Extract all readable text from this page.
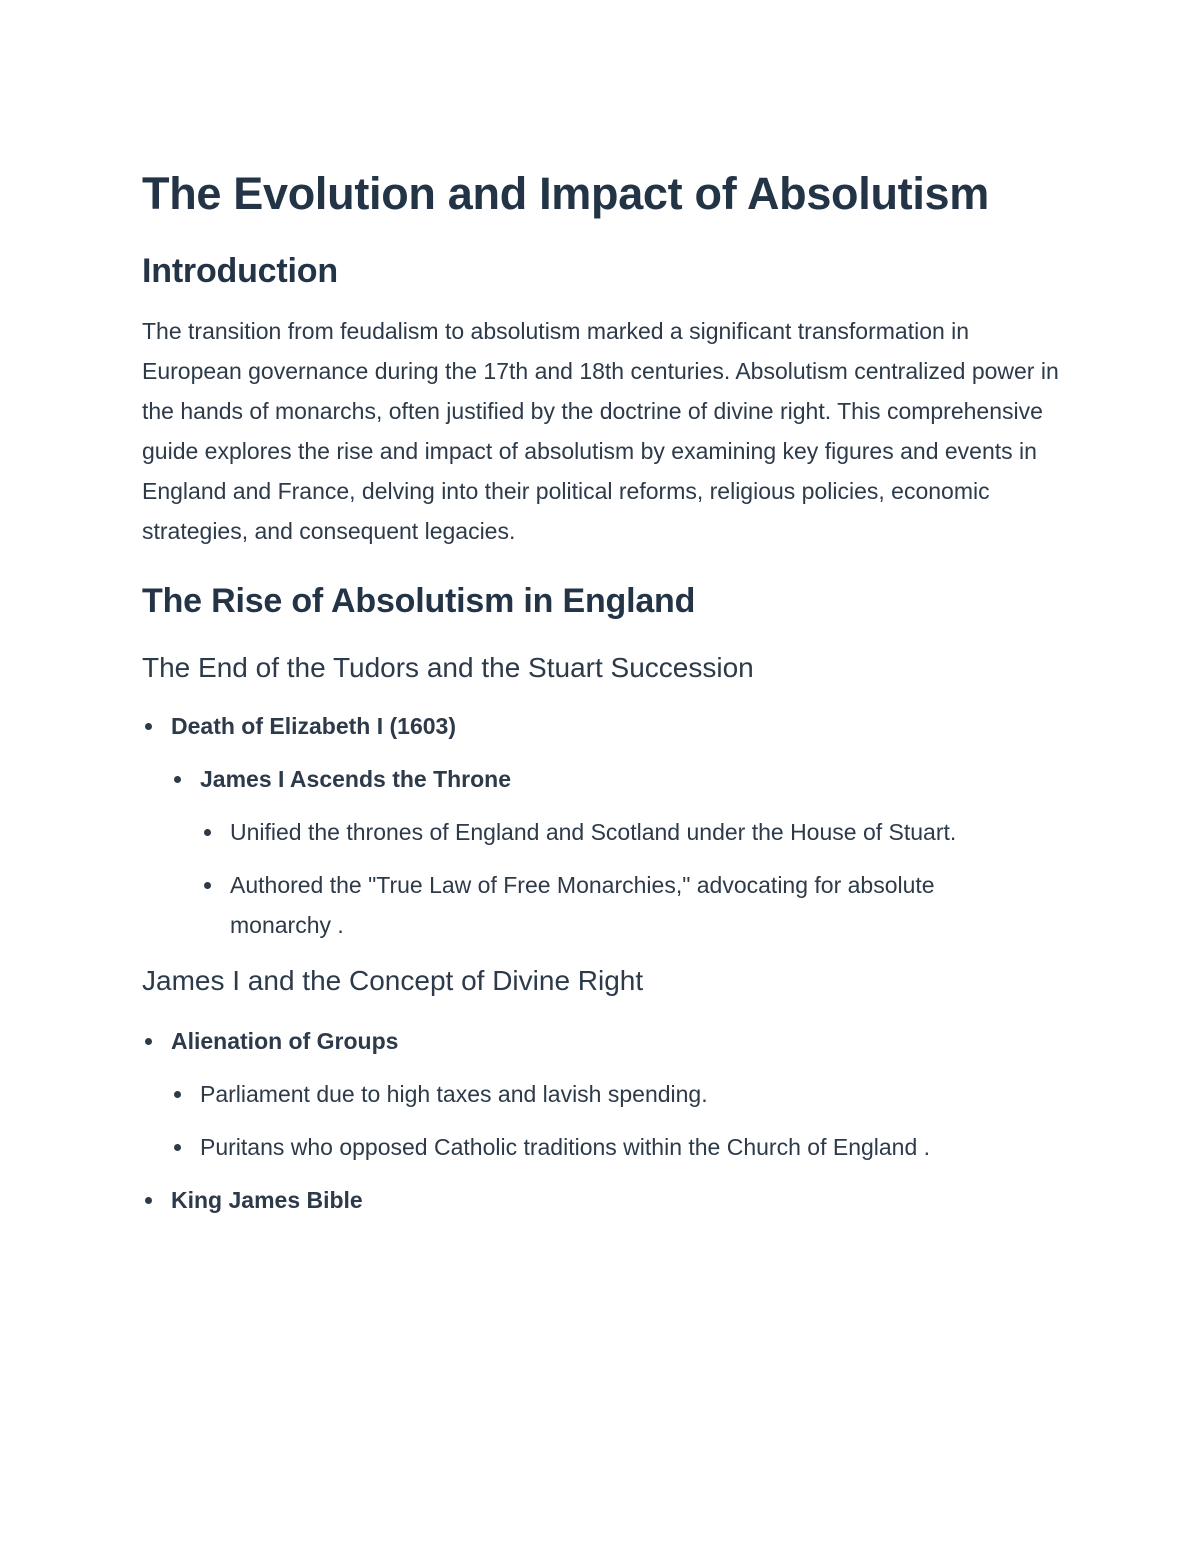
The Evolution and Impact of Absolutism
Introduction

The transition from feudalism to absolutism marked a significant transformation in European governance during the 17th and 18th centuries. Absolutism centralized power in the hands of monarchs, often justified by the doctrine of divine right. This comprehensive guide explores the rise and impact of absolutism by examining key figures and events in England and France, delving into their political reforms, religious policies, economic strategies, and consequent legacies.

The Rise of Absolutism in England
The End of the Tudors and the Stuart Succession
Death of Elizabeth I (1603)
James I Ascends the Throne
Unified the thrones of England and Scotland under the House of Stuart.
Authored the "True Law of Free Monarchies," advocating for absolute monarchy .
James I and the Concept of Divine Right
Alienation of Groups
Parliament due to high taxes and lavish spending.
Puritans who opposed Catholic traditions within the Church of England .
King James Bible
